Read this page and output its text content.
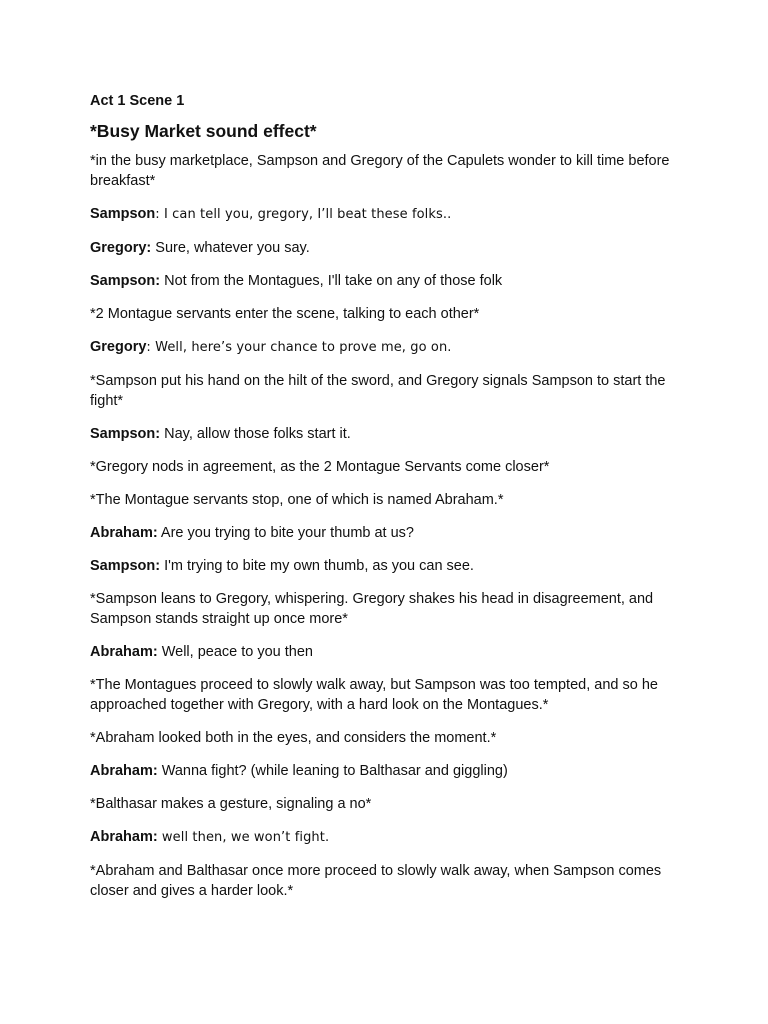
Act 1 Scene 1
*Busy Market sound effect*
*in the busy marketplace, Sampson and Gregory of the Capulets wonder to kill time before breakfast*
Sampson: I can tell you, gregory, I’ll beat these folks..
Gregory: Sure, whatever you say.
Sampson: Not from the Montagues, I'll take on any of those folk
*2 Montague servants enter the scene, talking to each other*
Gregory: Well, here’s your chance to prove me, go on.
*Sampson put his hand on the hilt of the sword, and Gregory signals Sampson to start the fight*
Sampson: Nay, allow those folks start it.
*Gregory nods in agreement, as the 2 Montague Servants come closer*
*The Montague servants stop, one of which is named Abraham.*
Abraham: Are you trying to bite your thumb at us?
Sampson: I'm trying to bite my own thumb, as you can see.
*Sampson leans to Gregory, whispering. Gregory shakes his head in disagreement, and Sampson stands straight up once more*
Abraham: Well, peace to you then
*The Montagues proceed to slowly walk away, but Sampson was too tempted, and so he approached together with Gregory, with a hard look on the Montagues.*
*Abraham looked both in the eyes, and considers the moment.*
Abraham: Wanna fight? (while leaning to Balthasar and giggling)
*Balthasar makes a gesture, signaling a no*
Abraham: well then, we won’t fight.
*Abraham and Balthasar once more proceed to slowly walk away, when Sampson comes closer and gives a harder look.*
